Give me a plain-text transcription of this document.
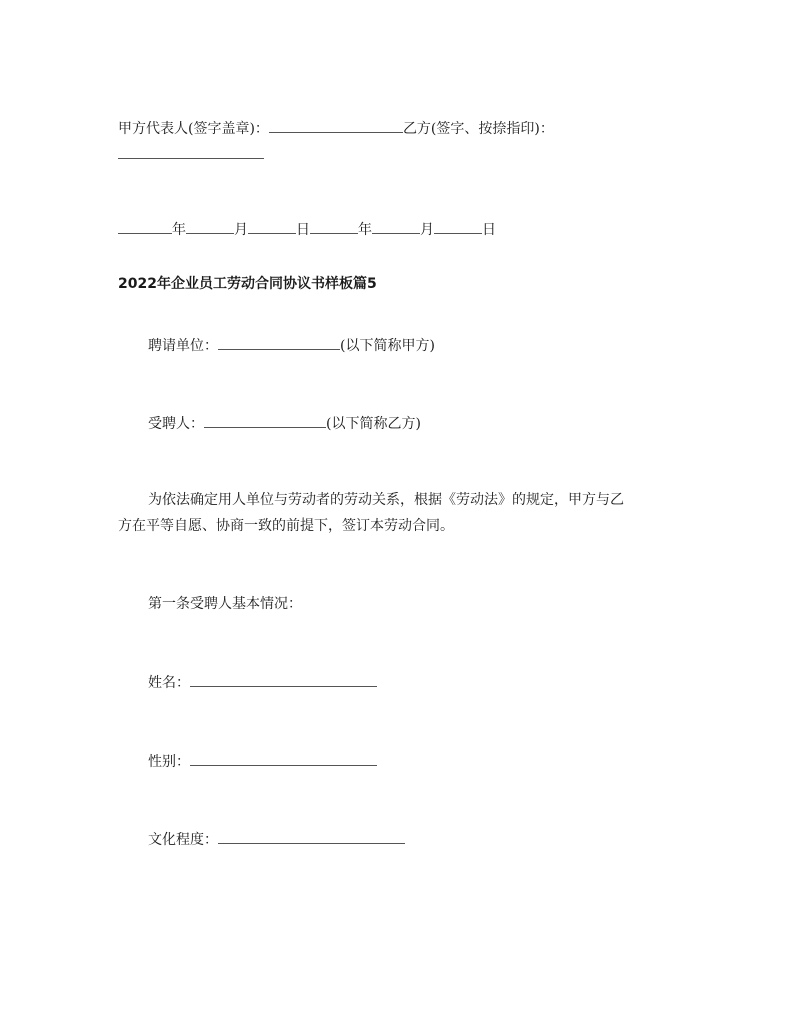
甲方代表人(签字盖章)：	乙方(签字、按捺指印)：
年	月	日	年	月	日
2022年企业员工劳动合同协议书样板篇5
聘请单位：	(以下简称甲方)
受聘人：	(以下简称乙方)
为依法确定用人单位与劳动者的劳动关系，根据《劳动法》的规定，甲方与乙
方在平等自愿、协商一致的前提下，签订本劳动合同。
第一条受聘人基本情况：
姓名：
性别：
文化程度：
